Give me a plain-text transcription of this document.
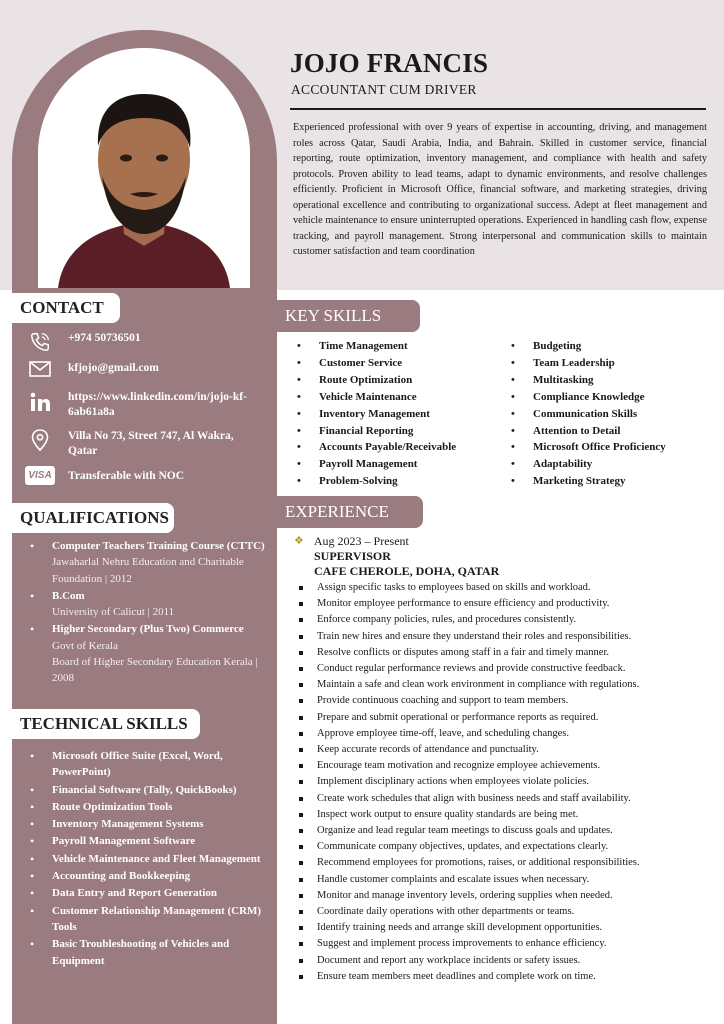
JOJO FRANCIS
ACCOUNTANT CUM DRIVER
Experienced professional with over 9 years of expertise in accounting, driving, and management roles across Qatar, Saudi Arabia, India, and Bahrain. Skilled in customer service, financial reporting, route optimization, inventory management, and compliance with health and safety protocols. Proven ability to lead teams, adapt to dynamic environments, and resolve challenges efficiently. Proficient in Microsoft Office, financial software, and marketing strategies, driving operational excellence and contributing to organizational success. Adept at fleet management and vehicle maintenance to ensure uninterrupted operations. Experienced in handling cash flow, expense tracking, and payroll management. Strong interpersonal and communication skills to maintain customer satisfaction and team coordination
CONTACT
+974 50736501
kfjojo@gmail.com
https://www.linkedin.com/in/jojo-kf-6ab61a8a
Villa No 73, Street 747, Al Wakra, Qatar
VISA Transferable with NOC
QUALIFICATIONS
• Computer Teachers Training Course (CTTC)
Jawaharlal Nehru Education and Charitable Foundation | 2012
• B.Com
University of Calicut | 2011
• Higher Secondary (Plus Two) Commerce
Govt of Kerala
Board of Higher Secondary Education Kerala | 2008
TECHNICAL SKILLS
• Microsoft Office Suite (Excel, Word, PowerPoint)
• Financial Software (Tally, QuickBooks)
• Route Optimization Tools
• Inventory Management Systems
• Payroll Management Software
• Vehicle Maintenance and Fleet Management
• Accounting and Bookkeeping
• Data Entry and Report Generation
• Customer Relationship Management (CRM) Tools
• Basic Troubleshooting of Vehicles and Equipment
KEY SKILLS
• Time Management
• Customer Service
• Route Optimization
• Vehicle Maintenance
• Inventory Management
• Financial Reporting
• Accounts Payable/Receivable
• Payroll Management
• Problem-Solving
• Budgeting
• Team Leadership
• Multitasking
• Compliance Knowledge
• Communication Skills
• Attention to Detail
• Microsoft Office Proficiency
• Adaptability
• Marketing Strategy
EXPERIENCE
❖ Aug 2023 – Present
SUPERVISOR
CAFE CHEROLE, DOHA, QATAR
Assign specific tasks to employees based on skills and workload.
Monitor employee performance to ensure efficiency and productivity.
Enforce company policies, rules, and procedures consistently.
Train new hires and ensure they understand their roles and responsibilities.
Resolve conflicts or disputes among staff in a fair and timely manner.
Conduct regular performance reviews and provide constructive feedback.
Maintain a safe and clean work environment in compliance with regulations.
Provide continuous coaching and support to team members.
Prepare and submit operational or performance reports as required.
Approve employee time-off, leave, and scheduling changes.
Keep accurate records of attendance and punctuality.
Encourage team motivation and recognize employee achievements.
Implement disciplinary actions when employees violate policies.
Create work schedules that align with business needs and staff availability.
Inspect work output to ensure quality standards are being met.
Organize and lead regular team meetings to discuss goals and updates.
Communicate company objectives, updates, and expectations clearly.
Recommend employees for promotions, raises, or additional responsibilities.
Handle customer complaints and escalate issues when necessary.
Monitor and manage inventory levels, ordering supplies when needed.
Coordinate daily operations with other departments or teams.
Identify training needs and arrange skill development opportunities.
Suggest and implement process improvements to enhance efficiency.
Document and report any workplace incidents or safety issues.
Ensure team members meet deadlines and complete work on time.
